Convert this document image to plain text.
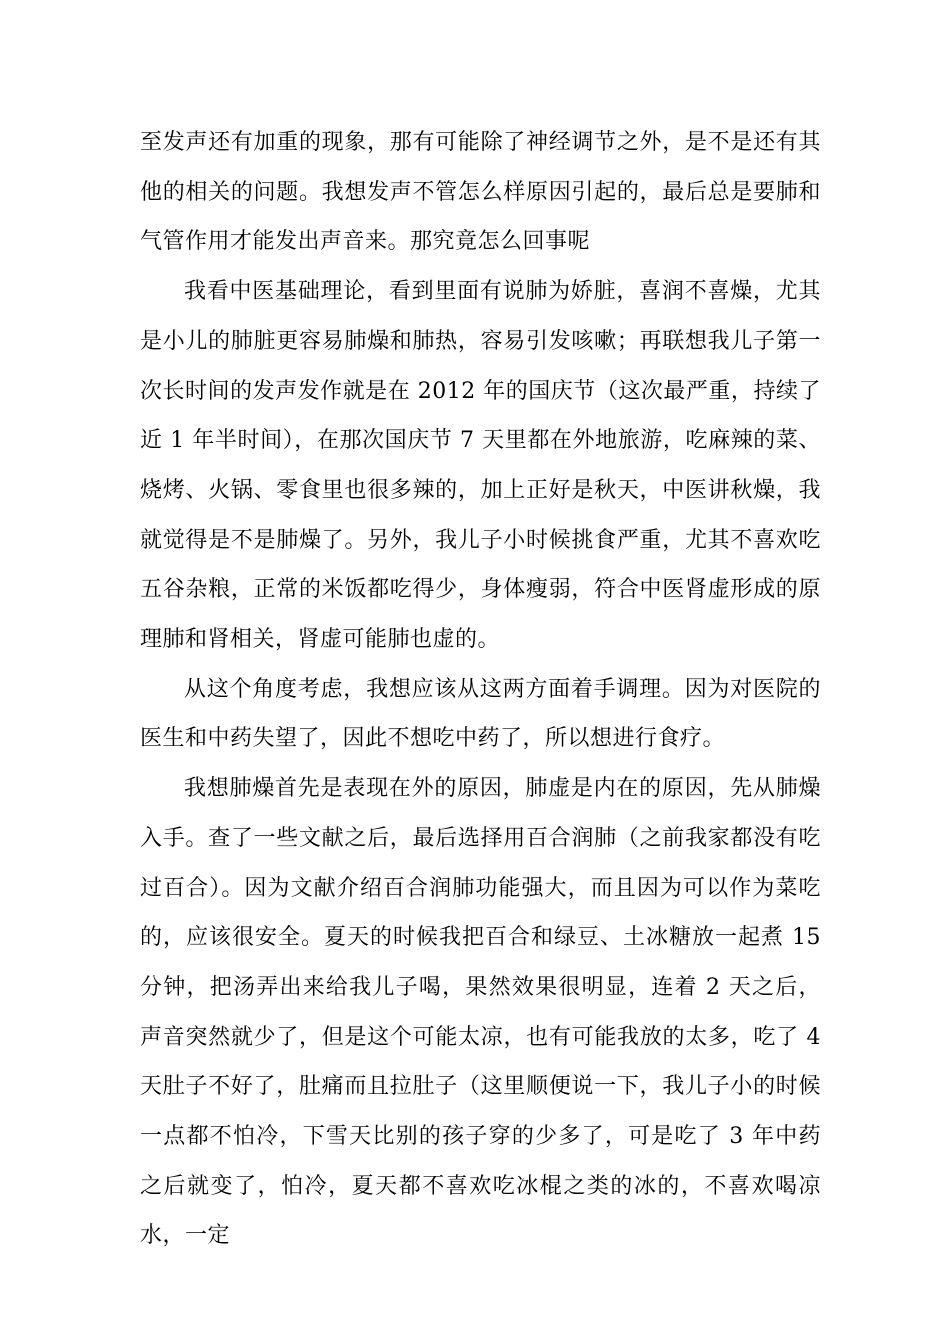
至发声还有加重的现象，那有可能除了神经调节之外，是不是还有其他的相关的问题。我想发声不管怎么样原因引起的，最后总是要肺和气管作用才能发出声音来。那究竟怎么回事呢

我看中医基础理论，看到里面有说肺为娇脏，喜润不喜燥，尤其是小儿的肺脏更容易肺燥和肺热，容易引发咳嗽；再联想我儿子第一次长时间的发声发作就是在 2012 年的国庆节（这次最严重，持续了近 1 年半时间），在那次国庆节 7 天里都在外地旅游，吃麻辣的菜、烧烤、火锅、零食里也很多辣的，加上正好是秋天，中医讲秋燥，我就觉得是不是肺燥了。另外，我儿子小时候挑食严重，尤其不喜欢吃五谷杂粮，正常的米饭都吃得少，身体瘦弱，符合中医肾虚形成的原理肺和肾相关，肾虚可能肺也虚的。

从这个角度考虑，我想应该从这两方面着手调理。因为对医院的医生和中药失望了，因此不想吃中药了，所以想进行食疗。

我想肺燥首先是表现在外的原因，肺虚是内在的原因，先从肺燥入手。查了一些文献之后，最后选择用百合润肺（之前我家都没有吃过百合）。因为文献介绍百合润肺功能强大，而且因为可以作为菜吃的，应该很安全。夏天的时候我把百合和绿豆、土冰糖放一起煮 15 分钟，把汤弄出来给我儿子喝，果然效果很明显，连着 2 天之后，声音突然就少了，但是这个可能太凉，也有可能我放的太多，吃了 4 天肚子不好了，肚痛而且拉肚子（这里顺便说一下，我儿子小的时候一点都不怕冷，下雪天比别的孩子穿的少多了，可是吃了 3 年中药之后就变了，怕冷，夏天都不喜欢吃冰棍之类的冰的，不喜欢喝凉水，一定
